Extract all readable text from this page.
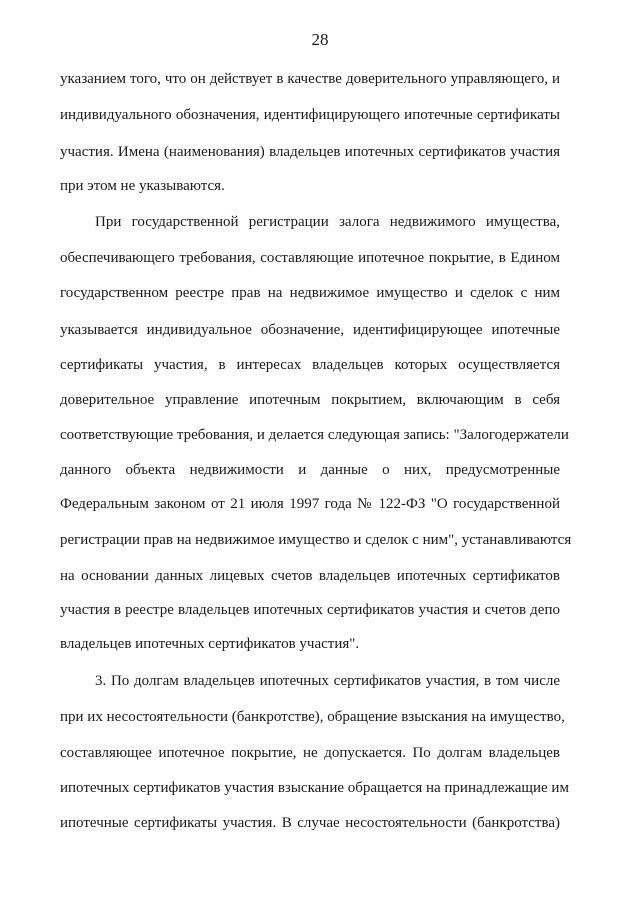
28
указанием того, что он действует в качестве доверительного управляющего, и
индивидуального обозначения, идентифицирующего ипотечные сертификаты
участия. Имена (наименования) владельцев ипотечных сертификатов участия
при этом не указываются.
При государственной регистрации залога недвижимого имущества,
обеспечивающего требования, составляющие ипотечное покрытие, в Едином
государственном реестре прав на недвижимое имущество и сделок с ним
указывается индивидуальное обозначение, идентифицирующее ипотечные
сертификаты участия, в интересах владельцев которых осуществляется
доверительное управление ипотечным покрытием, включающим в себя
соответствующие требования, и делается следующая запись: "Залогодержатели
данного объекта недвижимости и данные о них, предусмотренные
Федеральным законом от 21 июля 1997 года № 122-ФЗ "О государственной
регистрации прав на недвижимое имущество и сделок с ним", устанавливаются
на основании данных лицевых счетов владельцев ипотечных сертификатов
участия в реестре владельцев ипотечных сертификатов участия и счетов депо
владельцев ипотечных сертификатов участия".
3. По долгам владельцев ипотечных сертификатов участия, в том числе
при их несостоятельности (банкротстве), обращение взыскания на имущество,
составляющее ипотечное покрытие, не допускается. По долгам владельцев
ипотечных сертификатов участия взыскание обращается на принадлежащие им
ипотечные сертификаты участия. В случае несостоятельности (банкротства)
